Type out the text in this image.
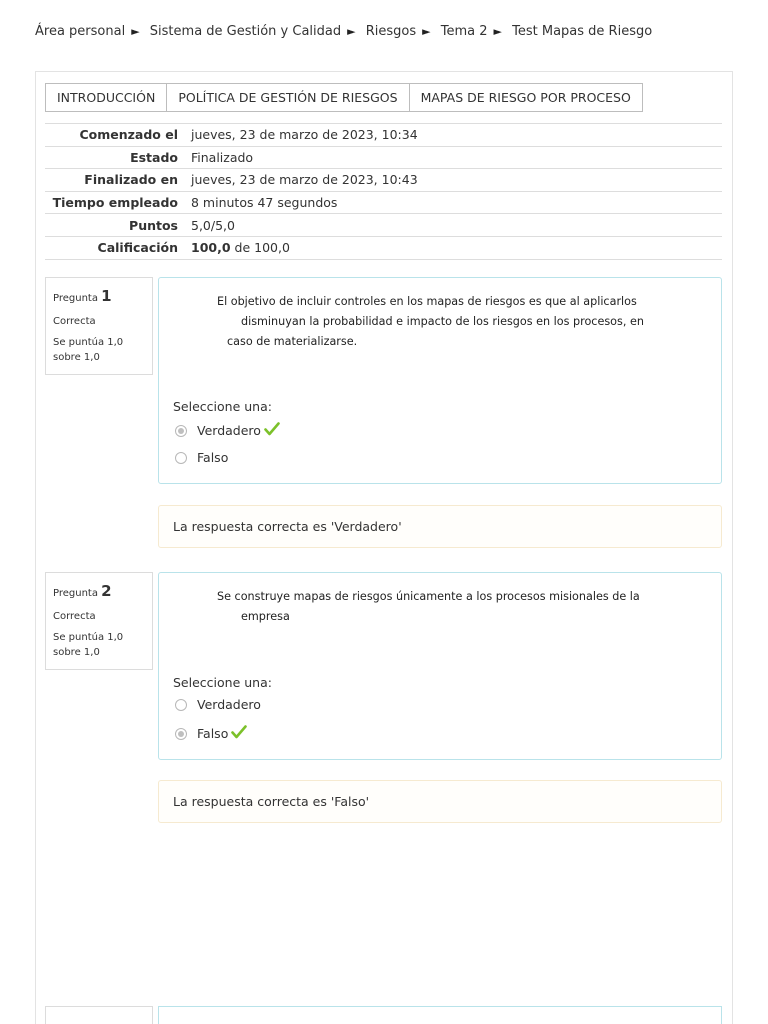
Área personal ► Sistema de Gestión y Calidad ► Riesgos ► Tema 2 ► Test Mapas de Riesgo
INTRODUCCIÓN	POLÍTICA DE GESTIÓN DE RIESGOS	MAPAS DE RIESGO POR PROCESO
Comenzado el	jueves, 23 de marzo de 2023, 10:34
Estado	Finalizado
Finalizado en	jueves, 23 de marzo de 2023, 10:43
Tiempo empleado	8 minutos 47 segundos
Puntos	5,0/5,0
Calificación	100,0 de 100,0
Pregunta 1
Correcta
Se puntúa 1,0
sobre 1,0
El objetivo de incluir controles en los mapas de riesgos es que al aplicarlos
disminuyan la probabilidad e impacto de los riesgos en los procesos, en
caso de materializarse.
Seleccione una:
Verdadero
Falso
La respuesta correcta es 'Verdadero'
Pregunta 2
Correcta
Se puntúa 1,0
sobre 1,0
Se construye mapas de riesgos únicamente a los procesos misionales de la
empresa
Seleccione una:
Verdadero
Falso
La respuesta correcta es 'Falso'
